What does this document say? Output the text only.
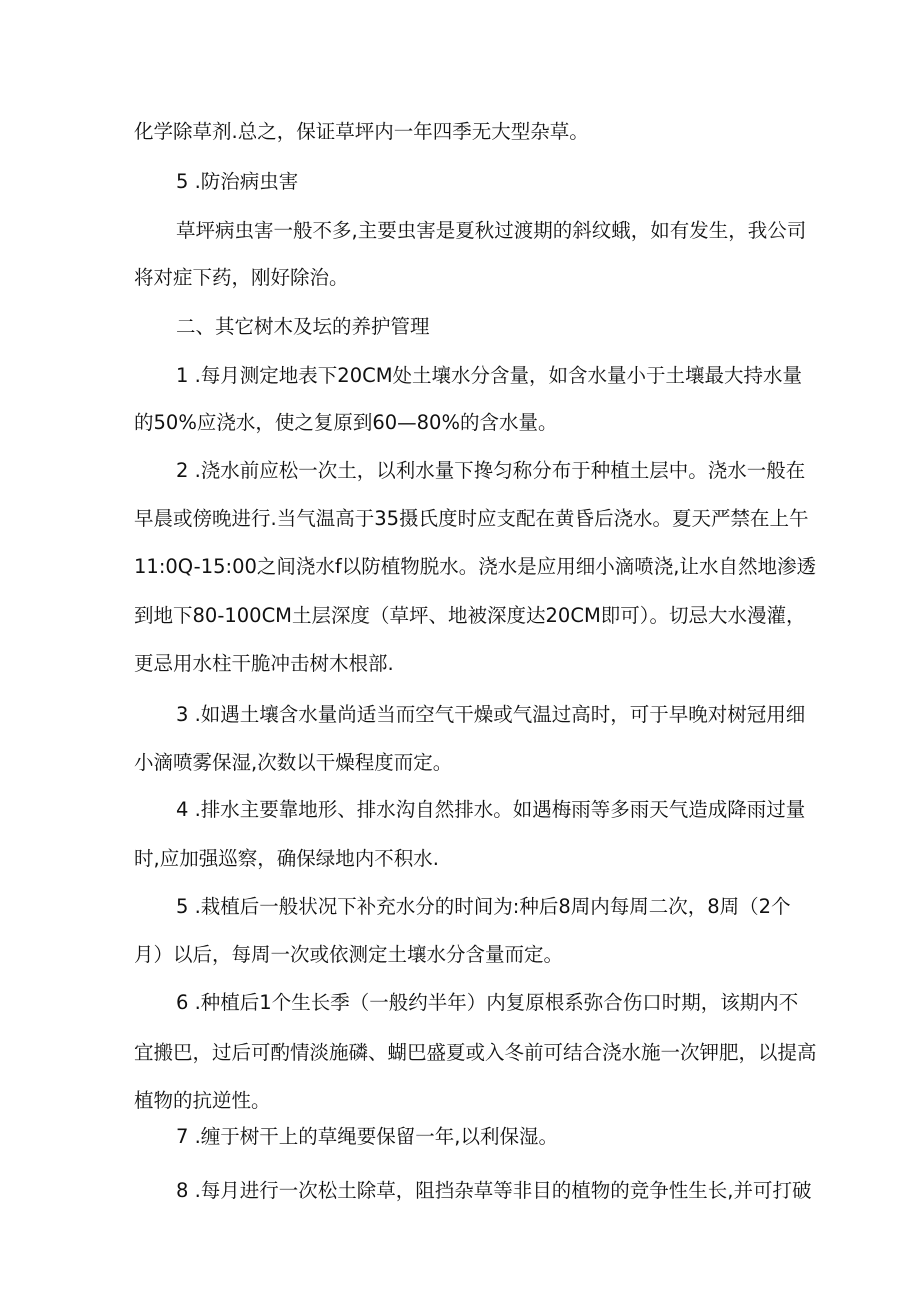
化学除草剂.总之，保证草坪内一年四季无大型杂草。

5 .防治病虫害

草坪病虫害一般不多,主要虫害是夏秋过渡期的斜纹蛾，如有发生，我公司

将对症下药，刚好除治。

二、其它树木及坛的养护管理

1 .每月测定地表下20CM处土壤水分含量，如含水量小于土壤最大持水量

的50%应浇水，使之复原到60—80%的含水量。

2 .浇水前应松一次土，以利水量下搀匀称分布于种植土层中。浇水一般在

早晨或傍晚进行.当气温高于35摄氏度时应支配在黄昏后浇水。夏天严禁在上午

11:0Q-15:00之间浇水f以防植物脱水。浇水是应用细小滴喷浇,让水自然地渗透

到地下80-100CM土层深度（草坪、地被深度达20CM即可）。切忌大水漫灌，

更忌用水柱干脆冲击树木根部.

3 .如遇土壤含水量尚适当而空气干燥或气温过高时，可于早晚对树冠用细

小滴喷雾保湿,次数以干燥程度而定。

4 .排水主要靠地形、排水沟自然排水。如遇梅雨等多雨天气造成降雨过量

时,应加强巡察，确保绿地内不积水.

5 .栽植后一般状况下补充水分的时间为:种后8周内每周二次，8周（2个

月）以后，每周一次或依测定土壤水分含量而定。

6 .种植后1个生长季（一般约半年）内复原根系弥合伤口时期，该期内不

宜搬巴，过后可酌情淡施磷、蝴巴盛夏或入冬前可结合浇水施一次钾肥，以提高

植物的抗逆性。

7 .缠于树干上的草绳要保留一年,以利保湿。

8 .每月进行一次松土除草，阻挡杂草等非目的植物的竞争性生长,并可打破
